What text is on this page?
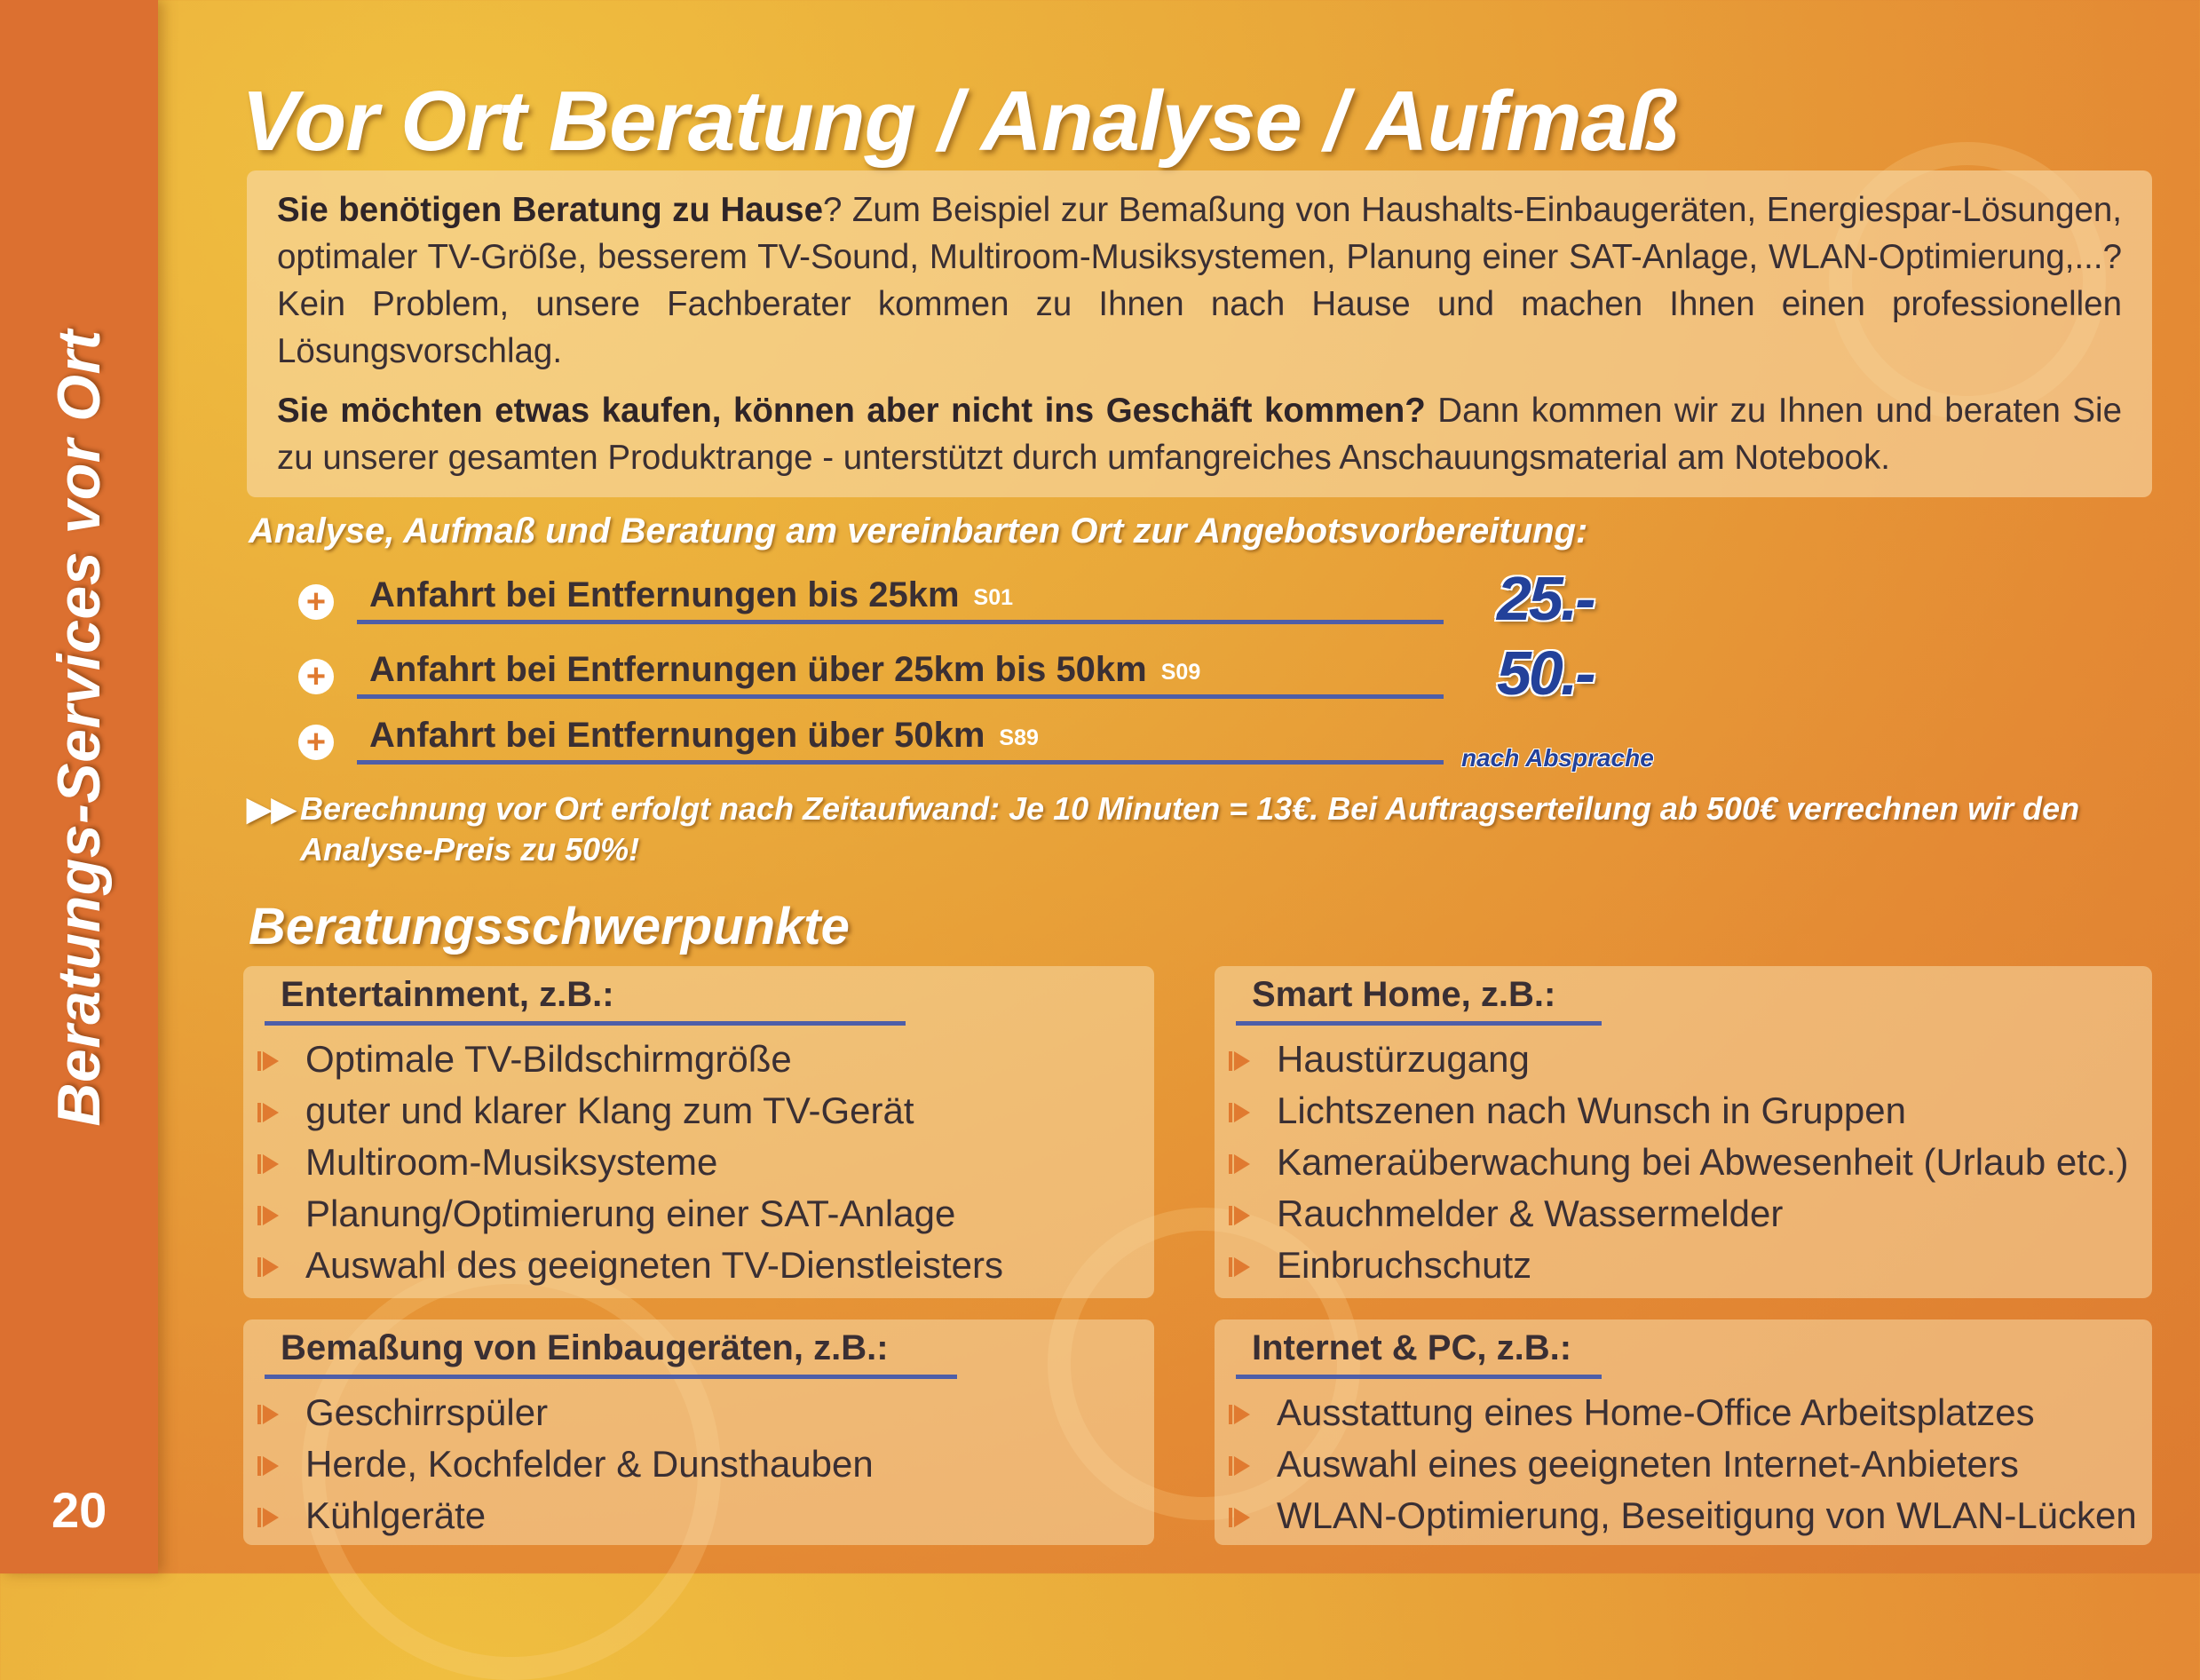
Beratungs-Services vor Ort
20
Vor Ort Beratung / Analyse / Aufmaß

Sie benötigen Beratung zu Hause? Zum Beispiel zur Bemaßung von Haushalts-Einbaugeräten, Energiespar-Lösungen, optimaler TV-Größe, besserem TV-Sound, Multiroom-Musiksystemen, Planung einer SAT-Anlage, WLAN-Optimierung,...? Kein Problem, unsere Fachberater kommen zu Ihnen nach Hause und machen Ihnen einen professionellen Lösungsvorschlag.

Sie möchten etwas kaufen, können aber nicht ins Geschäft kommen? Dann kommen wir zu Ihnen und beraten Sie zu unserer gesamten Produktrange - unterstützt durch umfangreiches Anschauungsmaterial am Notebook.

Analyse, Aufmaß und Beratung am vereinbarten Ort zur Angebotsvorbereitung:
+ Anfahrt bei Entfernungen bis 25km S01	25.-
+ Anfahrt bei Entfernungen über 25km bis 50km S09	50.-
+ Anfahrt bei Entfernungen über 50km S89
nach Absprache
▶▶ Berechnung vor Ort erfolgt nach Zeitaufwand: Je 10 Minuten = 13€. Bei Auftragserteilung ab 500€ verrechnen wir den Analyse-Preis zu 50%!
Beratungsschwerpunkte
Entertainment, z.B.:
Optimale TV-Bildschirmgröße
guter und klarer Klang zum TV-Gerät
Multiroom-Musiksysteme
Planung/Optimierung einer SAT-Anlage
Auswahl des geeigneten TV-Dienstleisters
Smart Home, z.B.:
Haustürzugang
Lichtszenen nach Wunsch in Gruppen
Kameraüberwachung bei Abwesenheit (Urlaub etc.)
Rauchmelder & Wassermelder
Einbruchschutz
Bemaßung von Einbaugeräten, z.B.:
Geschirrspüler
Herde, Kochfelder & Dunsthauben
Kühlgeräte
Internet & PC, z.B.:
Ausstattung eines Home-Office Arbeitsplatzes
Auswahl eines geeigneten Internet-Anbieters
WLAN-Optimierung, Beseitigung von WLAN-Lücken
